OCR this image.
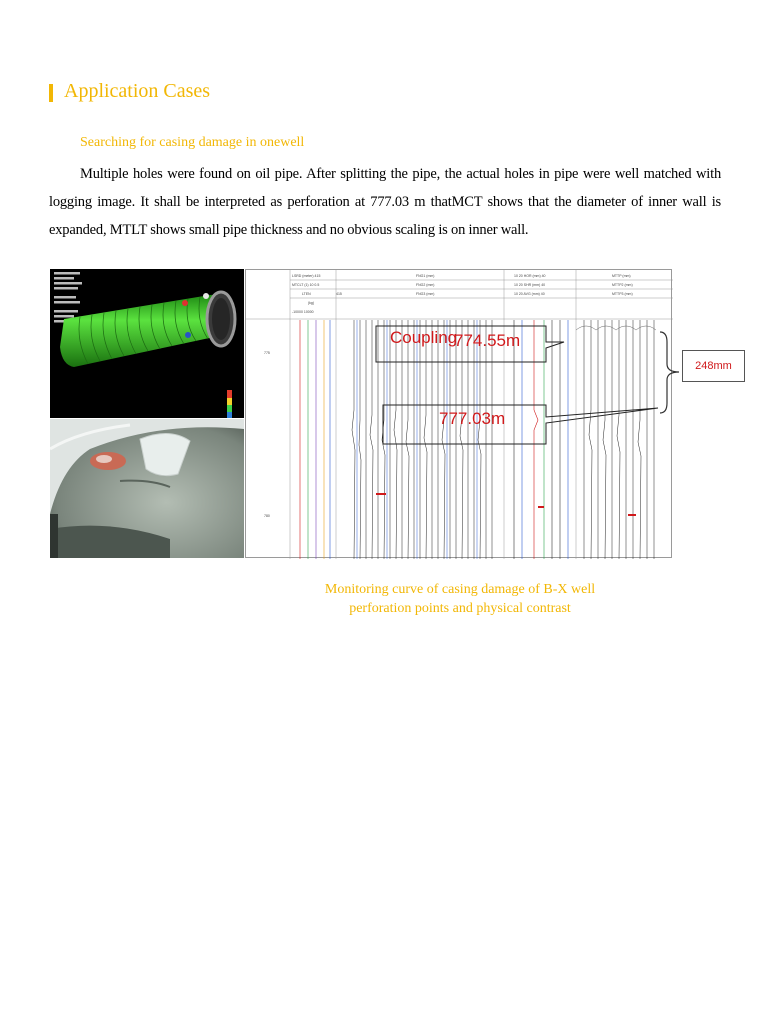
Application Cases
Searching for casing damage in onewell
Multiple holes were found on oil pipe. After splitting the pipe, the actual holes in pipe were well matched with logging image. It shall be interpreted as perforation at 777.03 m thatMCT shows that the diameter of inner wall is expanded, MTLT shows small pipe thickness and no obvious scaling is on inner wall.
LSRD (meter) 415	FNG1 (mm)	10 20 HOR (mm) 40	MTTP (mm)
MTCLT (1) 10 0.5	FNG2 (mm)	10 20 SHR (mm) 40	MTTP2 (mm)
LTEN	415	FNG3 (mm)	10 20 AVG (mm) 40	MTTP3 (mm)
(kg)
-10000 10000
775
780
Coupling
774.55m
777.03m
248mm
Monitoring curve of casing damage of B-X well
perforation points and physical contrast
